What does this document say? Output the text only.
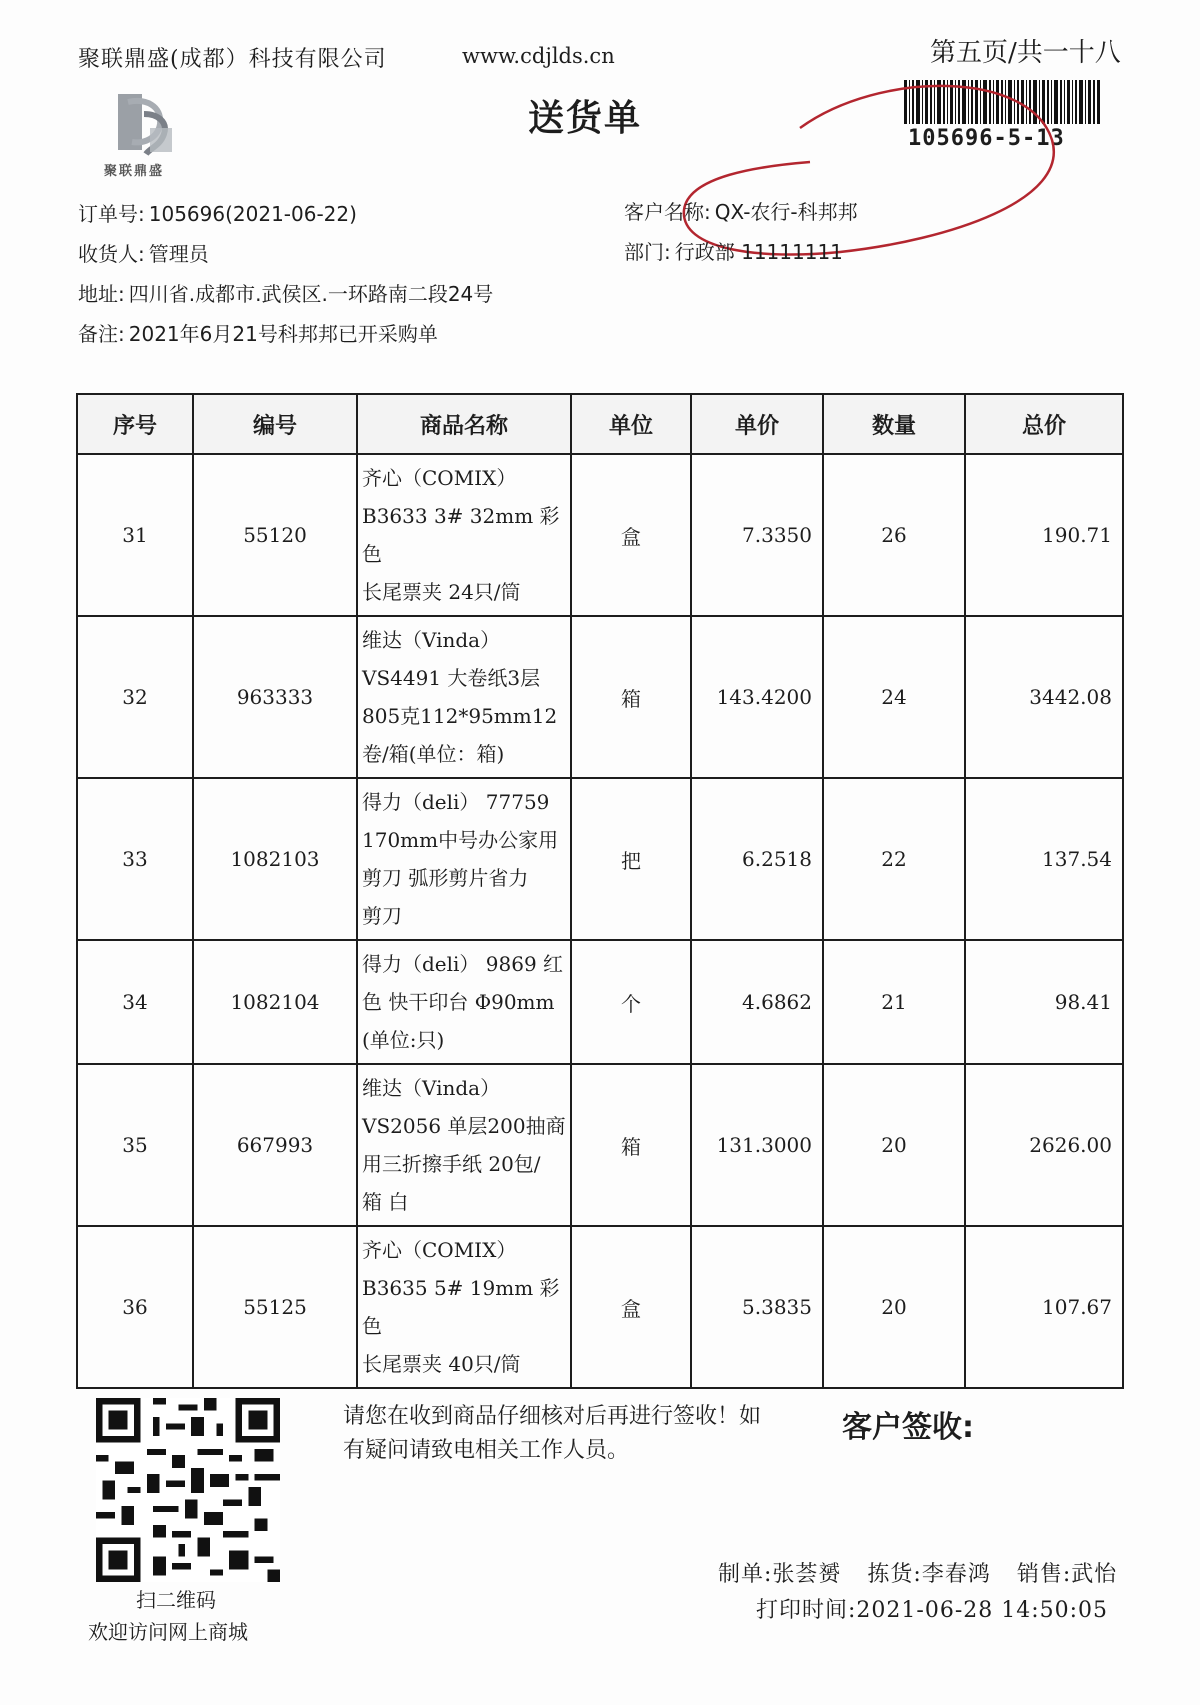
聚联鼎盛(成都）科技有限公司	www.cdjlds.cn	第五页/共一十八
聚联鼎盛
送货单	105696-5-13
订单号: 105696(2021-06-22)
收货人: 管理员
地址: 四川省.成都市.武侯区.一环路南二段24号
备注: 2021年6月21号科邦邦已开采购单
客户名称: QX-农行-科邦邦
部门: 行政部 11111111
序号	编号	商品名称	单位	单价	数量	总价
31	55120	齐心（COMIX）
B3633 3# 32mm 彩色
长尾票夹 24只/筒	盒	7.3350	26	190.71
32	963333	维达（Vinda）
VS4491 大卷纸3层
805克112*95mm12
卷/箱(单位：箱)	箱	143.4200	24	3442.08
33	1082103	得力（deli） 77759
170mm中号办公家用
剪刀 弧形剪片省力
剪刀	把	6.2518	22	137.54
34	1082104	得力（deli） 9869 红
色 快干印台 Φ90mm
(单位:只)	个	4.6862	21	98.41
35	667993	维达（Vinda）
VS2056 单层200抽商
用三折擦手纸 20包/
箱 白	箱	131.3000	20	2626.00
36	55125	齐心（COMIX）
B3635 5# 19mm 彩色
长尾票夹 40只/筒	盒	5.3835	20	107.67
扫二维码
欢迎访问网上商城
请您在收到商品仔细核对后再进行签收！如有疑问请致电相关工作人员。
客户签收:
制单:张荟赟 拣货:李春鸿 销售:武怡
打印时间:2021-06-28 14:50:05
